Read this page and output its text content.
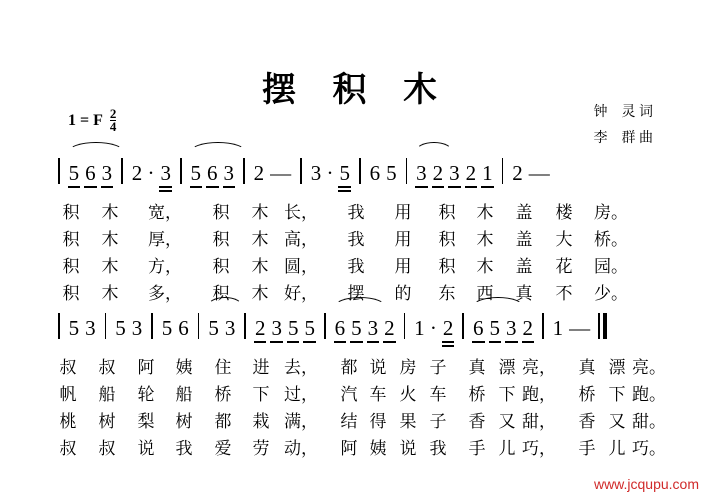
摆 积 木
1 = F $\frac{2}{4}$	钟　灵 词
李　群 曲
5 6 3 2 · 3 5 6 3 2 — 3 · 5 6 5 3 2 3 2 1 2 —
积 木 宽， 积 木 长， 我 用 积 木 盖 楼 房。
积 木 厚， 积 木 高， 我 用 积 木 盖 大 桥。
积 木 方， 积 木 圆， 我 用 积 木 盖 花 园。
积 木 多， 积 木 好， 摆 的 东 西 真 不 少。
5 3 5 3 5 6 5 3 2 3 5 5 6 5 3 2 1 · 2 6 5 3 2 1 —
叔 叔 阿 姨 住 进 去， 都 说 房 子 真 漂 亮， 真 漂 亮。
帆 船 轮 船 桥 下 过， 汽 车 火 车 桥 下 跑， 桥 下 跑。
桃 树 梨 树 都 栽 满， 结 得 果 子 香 又 甜， 香 又 甜。
叔 叔 说 我 爱 劳 动， 阿 姨 说 我 手 儿 巧， 手 儿 巧。
www.jcqupu.com
